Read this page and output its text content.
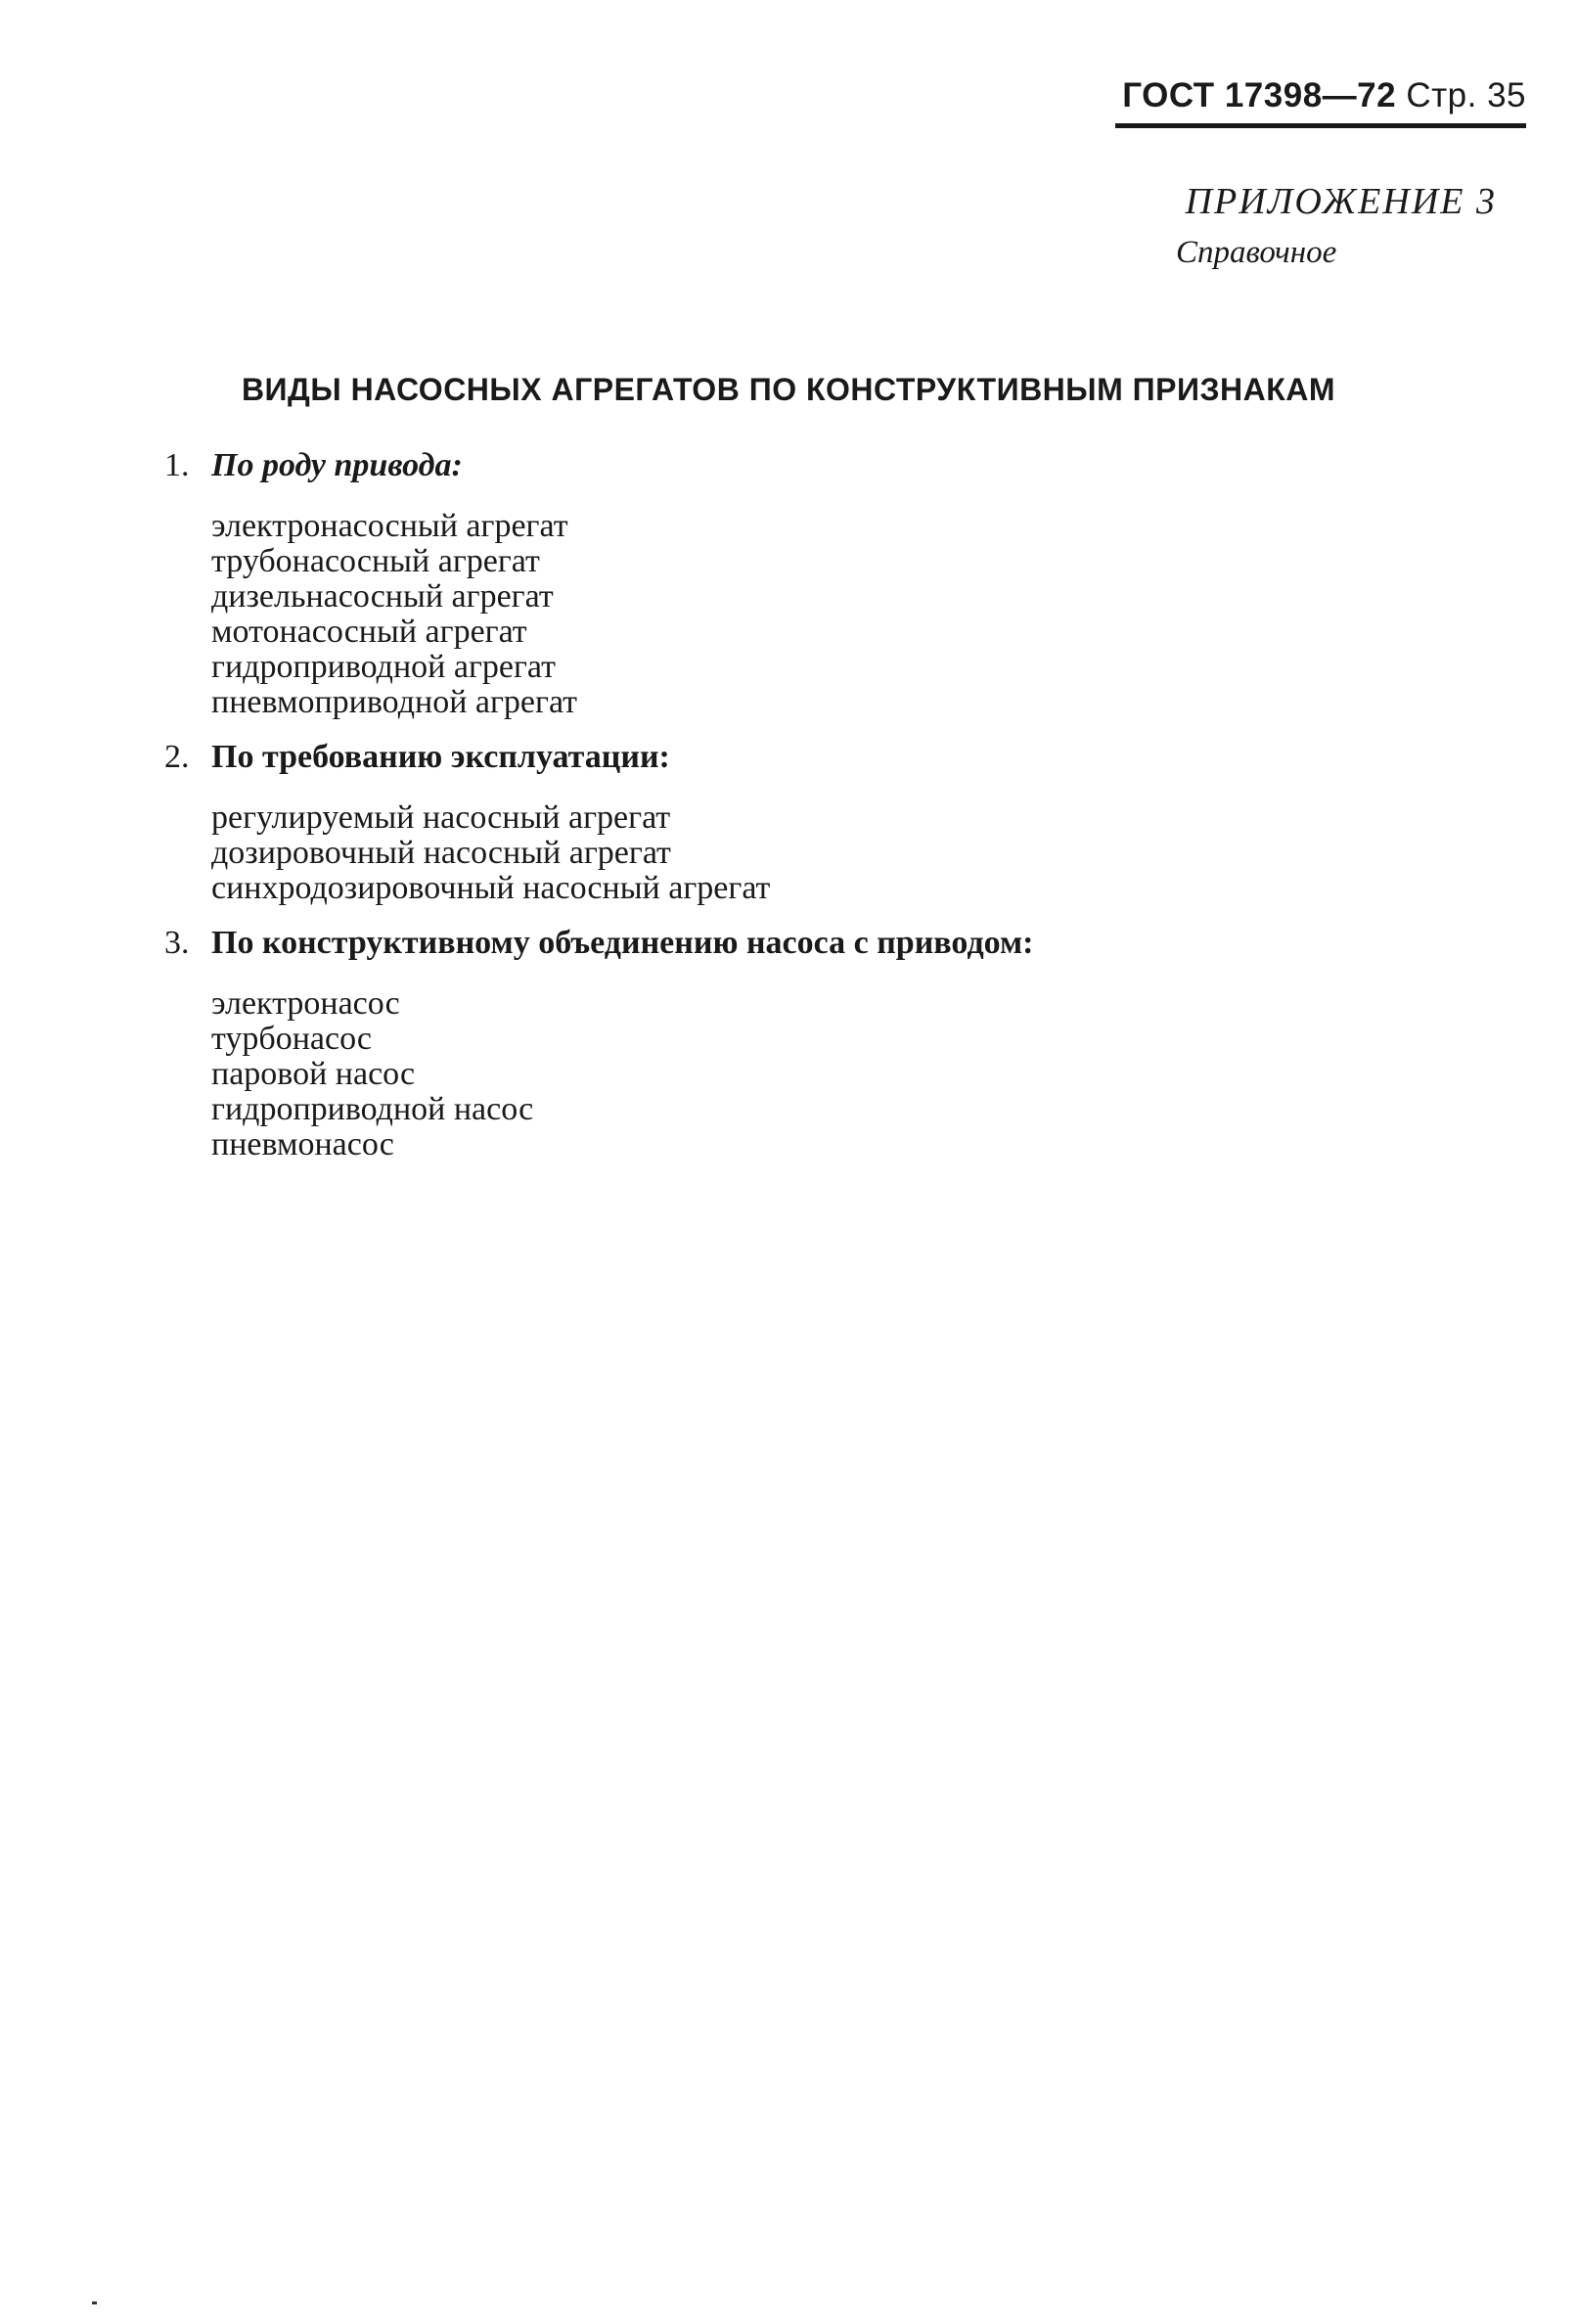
ГОСТ 17398—72 Стр. 35
ПРИЛОЖЕНИЕ 3
Справочное
ВИДЫ НАСОСНЫХ АГРЕГАТОВ ПО КОНСТРУКТИВНЫМ ПРИЗНАКАМ
1. По роду привода:
электронасосный агрегат
трубонасосный агрегат
дизельнасосный агрегат
мотонасосный агрегат
гидроприводной агрегат
пневмоприводной агрегат
2. По требованию эксплуатации:
регулируемый насосный агрегат
дозировочный насосный агрегат
синхродозировочный насосный агрегат
3. По конструктивному объединению насоса с приводом:
электронасос
турбонасос
паровой насос
гидроприводной насос
пневмонасос
